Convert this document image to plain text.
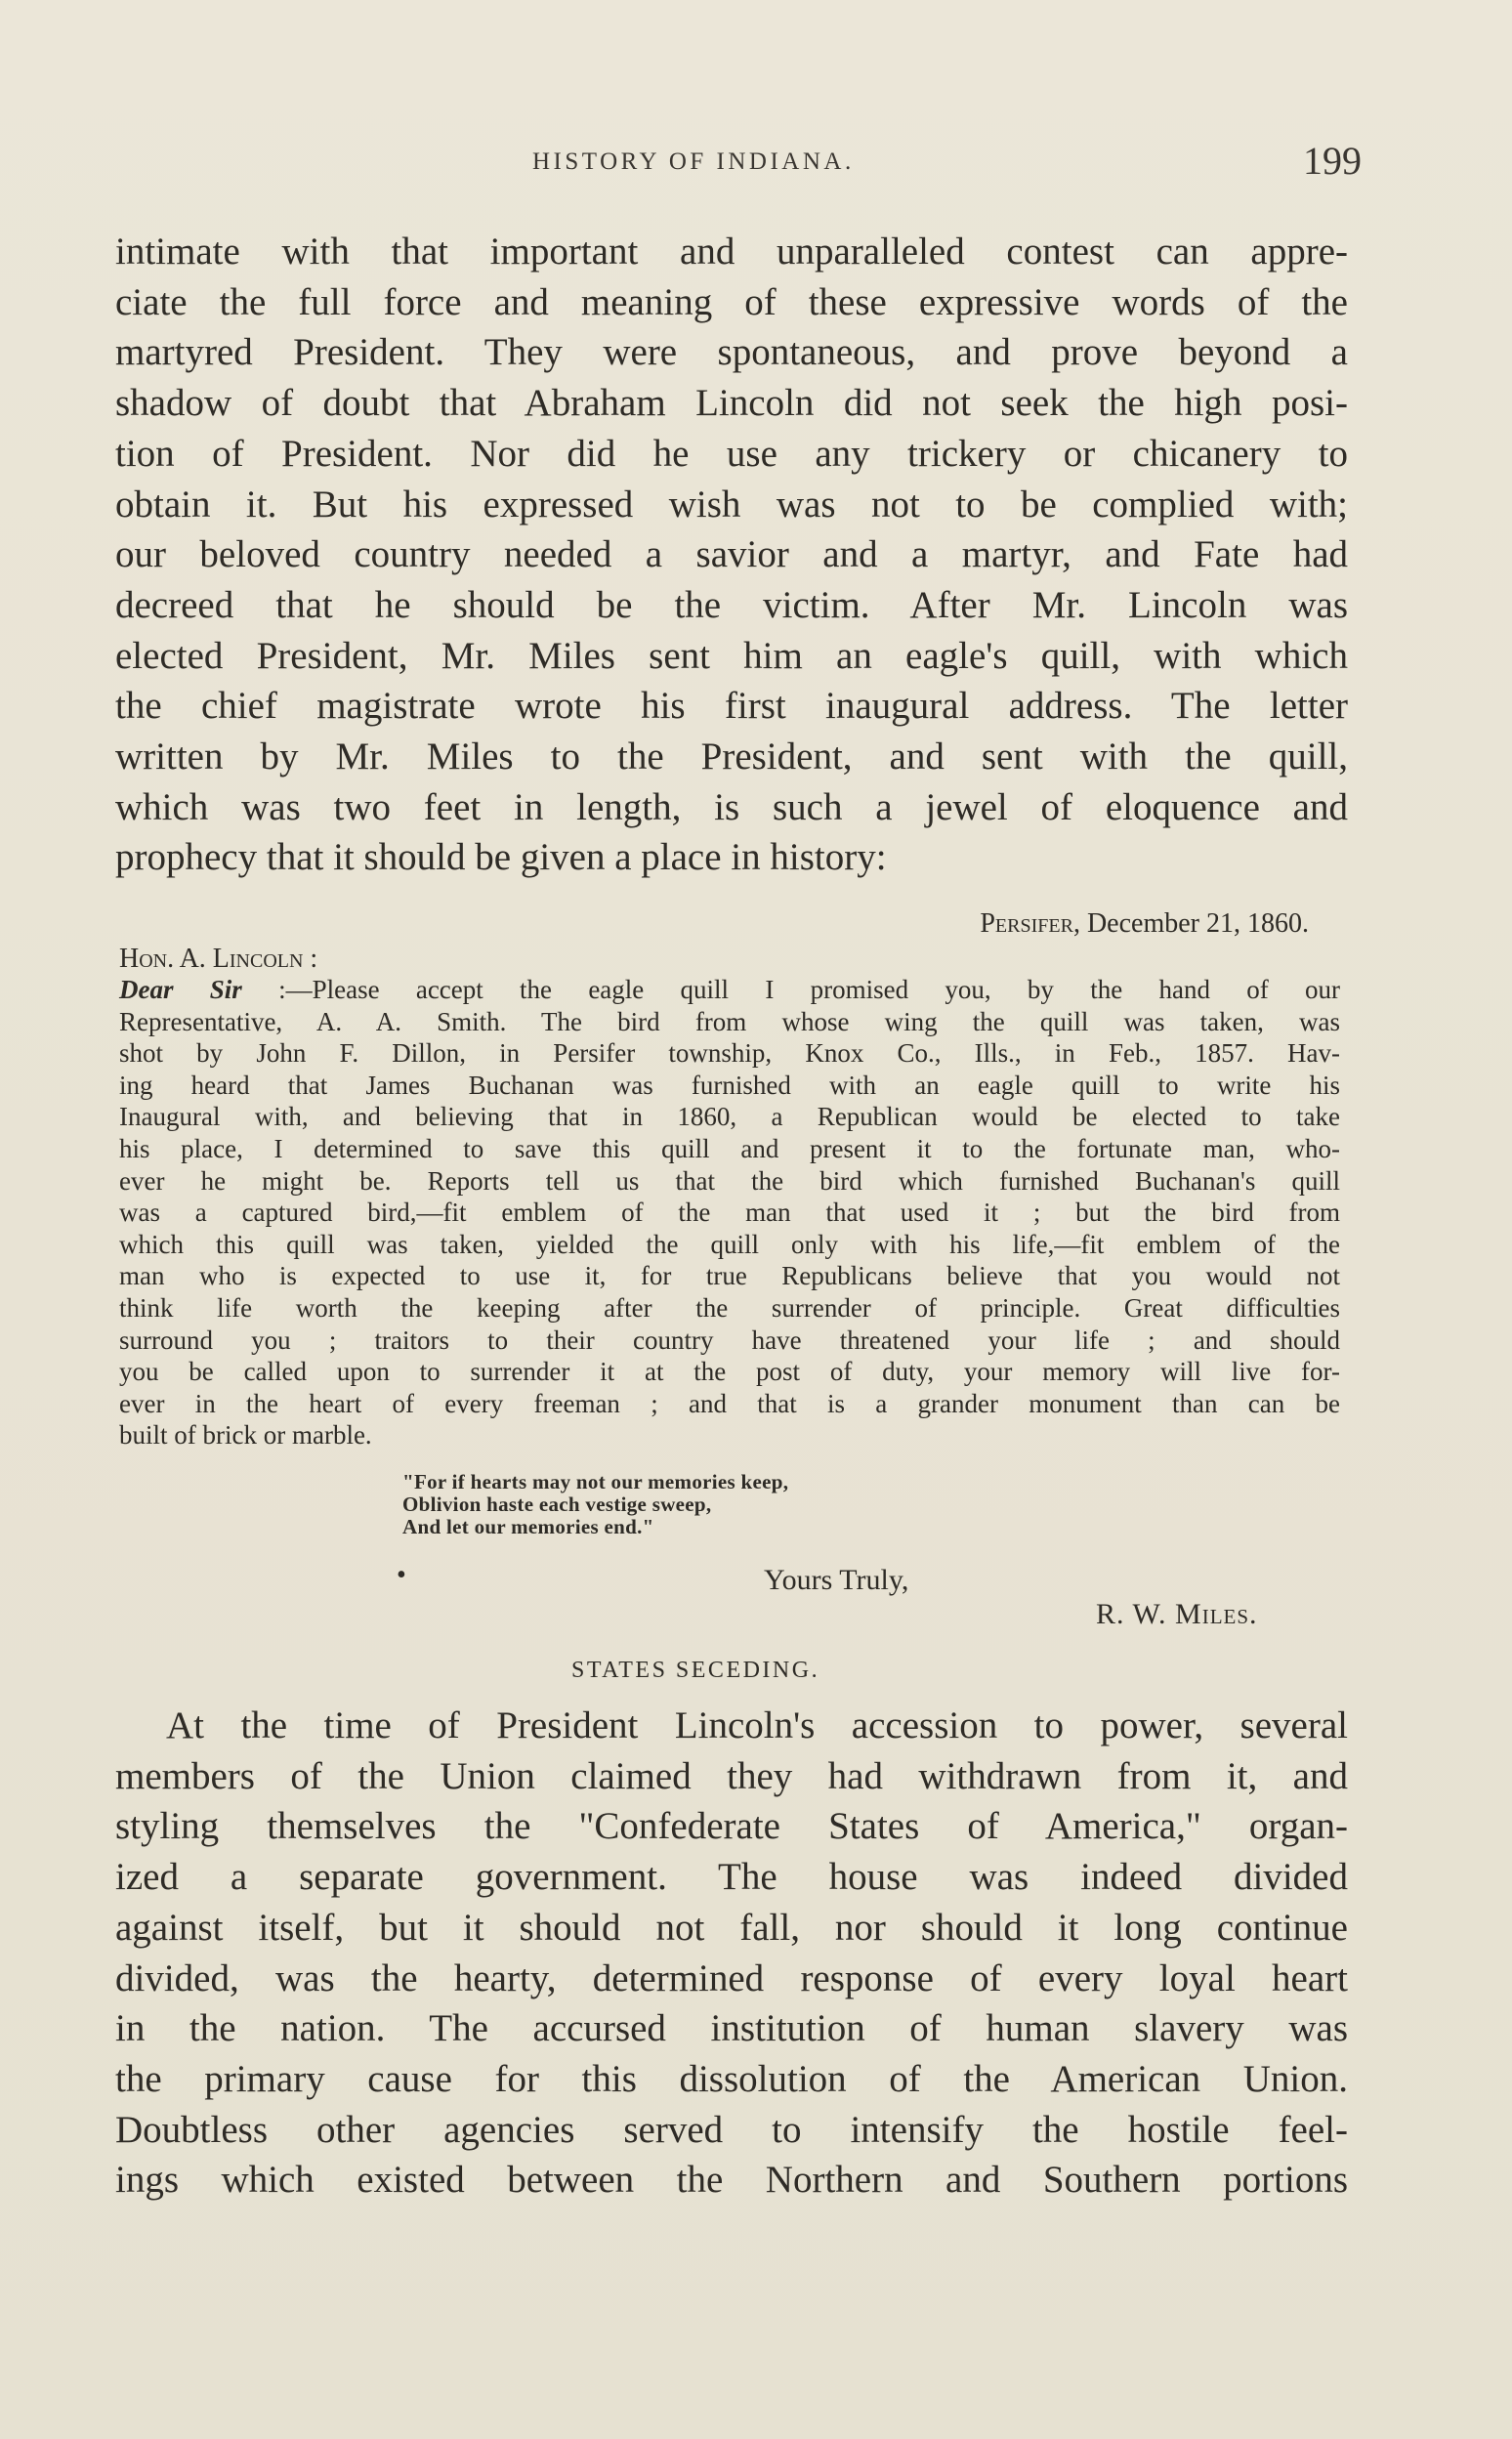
HISTORY OF INDIANA.	199
intimate with that important and unparalleled contest can appre-
ciate the full force and meaning of these expressive words of the
martyred President. They were spontaneous, and prove beyond a
shadow of doubt that Abraham Lincoln did not seek the high posi-
tion of President. Nor did he use any trickery or chicanery to
obtain it. But his expressed wish was not to be complied with;
our beloved country needed a savior and a martyr, and Fate had
decreed that he should be the victim. After Mr. Lincoln was
elected President, Mr. Miles sent him an eagle's quill, with which
the chief magistrate wrote his first inaugural address. The letter
written by Mr. Miles to the President, and sent with the quill,
which was two feet in length, is such a jewel of eloquence and
prophecy that it should be given a place in history:
Persifer, December 21, 1860.
Hon. A. Lincoln :
Dear Sir :—Please accept the eagle quill I promised you, by the hand of our
Representative, A. A. Smith. The bird from whose wing the quill was taken, was
shot by John F. Dillon, in Persifer township, Knox Co., Ills., in Feb., 1857. Hav-
ing heard that James Buchanan was furnished with an eagle quill to write his
Inaugural with, and believing that in 1860, a Republican would be elected to take
his place, I determined to save this quill and present it to the fortunate man, who-
ever he might be. Reports tell us that the bird which furnished Buchanan's quill
was a captured bird,—fit emblem of the man that used it ; but the bird from
which this quill was taken, yielded the quill only with his life,—fit emblem of the
man who is expected to use it, for true Republicans believe that you would not
think life worth the keeping after the surrender of principle. Great difficulties
surround you ; traitors to their country have threatened your life ; and should
you be called upon to surrender it at the post of duty, your memory will live for-
ever in the heart of every freeman ; and that is a grander monument than can be
built of brick or marble.
"For if hearts may not our memories keep,
Oblivion haste each vestige sweep,
And let our memories end."
•	Yours Truly,
R. W. Miles.
STATES SECEDING.
At the time of President Lincoln's accession to power, several
members of the Union claimed they had withdrawn from it, and
styling themselves the "Confederate States of America," organ-
ized a separate government. The house was indeed divided
against itself, but it should not fall, nor should it long continue
divided, was the hearty, determined response of every loyal heart
in the nation. The accursed institution of human slavery was
the primary cause for this dissolution of the American Union.
Doubtless other agencies served to intensify the hostile feel-
ings which existed between the Northern and Southern portions
